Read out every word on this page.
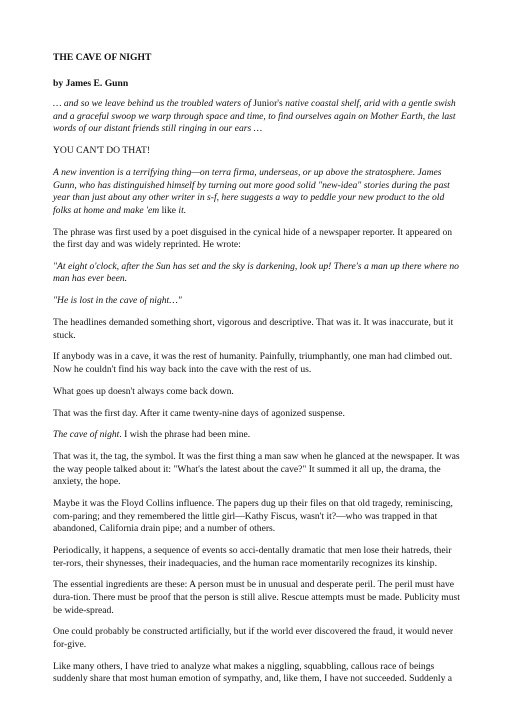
THE CAVE OF NIGHT

by James E. Gunn

… and so we leave behind us the troubled waters of Junior's native coastal shelf, arid with a gentle swish and a graceful swoop we warp through space and time, to find ourselves again on Mother Earth, the last words of our distant friends still ringing in our ears …

YOU CAN'T DO THAT!

A new invention is a terrifying thing—on terra firma, underseas, or up above the stratosphere. James Gunn, who has distinguished himself by turning out more good solid "new-idea" stories during the past year than just about any other writer in s-f, here suggests a way to peddle your new product to the old folks at home and make 'em like it.

The phrase was first used by a poet disguised in the cynical hide of a newspaper reporter. It appeared on the first day and was widely reprinted. He wrote:

"At eight o'clock, after the Sun has set and the sky is darkening, look up! There's a man up there where no man has ever been.

"He is lost in the cave of night…"

The headlines demanded something short, vigorous and descriptive. That was it. It was inaccurate, but it stuck.

If anybody was in a cave, it was the rest of humanity. Painfully, triumphantly, one man had climbed out. Now he couldn't find his way back into the cave with the rest of us.

What goes up doesn't always come back down.

That was the first day. After it came twenty-nine days of agonized suspense.

The cave of night. I wish the phrase had been mine.

That was it, the tag, the symbol. It was the first thing a man saw when he glanced at the newspaper. It was the way people talked about it: "What's the latest about the cave?" It summed it all up, the drama, the anxiety, the hope.

Maybe it was the Floyd Collins influence. The papers dug up their files on that old tragedy, reminiscing, com-paring; and they remembered the little girl—Kathy Fiscus, wasn't it?—who was trapped in that abandoned, California drain pipe; and a number of others.

Periodically, it happens, a sequence of events so acci-dentally dramatic that men lose their hatreds, their ter-rors, their shynesses, their inadequacies, and the human race momentarily recognizes its kinship.

The essential ingredients are these: A person must be in unusual and desperate peril. The peril must have dura-tion. There must be proof that the person is still alive. Rescue attempts must be made. Publicity must be wide-spread.

One could probably be constructed artificially, but if the world ever discovered the fraud, it would never for-give.

Like many others, I have tried to analyze what makes a niggling, squabbling, callous race of beings suddenly share that most human emotion of sympathy, and, like them, I have not succeeded. Suddenly a
